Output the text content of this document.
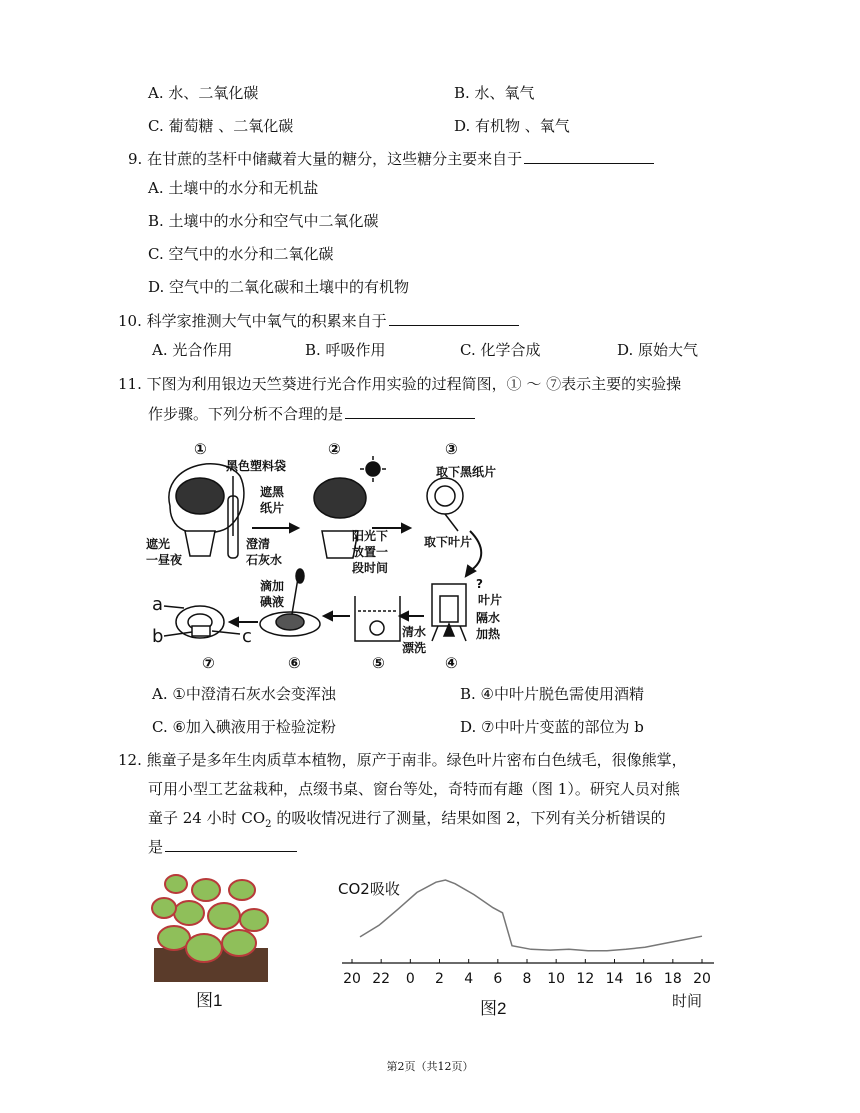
A. 水、二氧化碳	B. 水、氧气
C. 葡萄糖 、二氧化碳	D. 有机物 、氧气
9. 在甘蔗的茎杆中储藏着大量的糖分，这些糖分主要来自于
A. 土壤中的水分和无机盐
B. 土壤中的水分和空气中二氧化碳
C. 空气中的水分和二氧化碳
D. 空气中的二氧化碳和土壤中的有机物
10. 科学家推测大气中氧气的积累来自于
A. 光合作用	B. 呼吸作用	C. 化学合成	D. 原始大气
11. 下图为利用银边天竺葵进行光合作用实验的过程简图，① ～ ⑦表示主要的实验操
作步骤。下列分析不合理的是
①	②	③
④
⑤
⑥
⑦
黑色塑料袋
遮黑
纸片
遮光
一昼夜
澄清
石灰水
阳光下
放置一
段时间
取下黑纸片
取下叶片
?
叶片
隔水
加热
清水
漂洗
滴加
碘液
a
b	c
A. ①中澄清石灰水会变浑浊	B. ④中叶片脱色需使用酒精
C. ⑥加入碘液用于检验淀粉	D. ⑦中叶片变蓝的部位为 b
12. 熊童子是多年生肉质草本植物，原产于南非。绿色叶片密布白色绒毛，很像熊掌，
可用小型工艺盆栽种，点缀书桌、窗台等处，奇特而有趣（图 1）。研究人员对熊
童子 24 小时 $CO_2$ 的吸收情况进行了测量，结果如图 2，下列有关分析错误的
是
图1
20 22 0 2 4 6 8 10 12 14 16 18 20
CO2吸收
时间
图2
第2页（共12页）
